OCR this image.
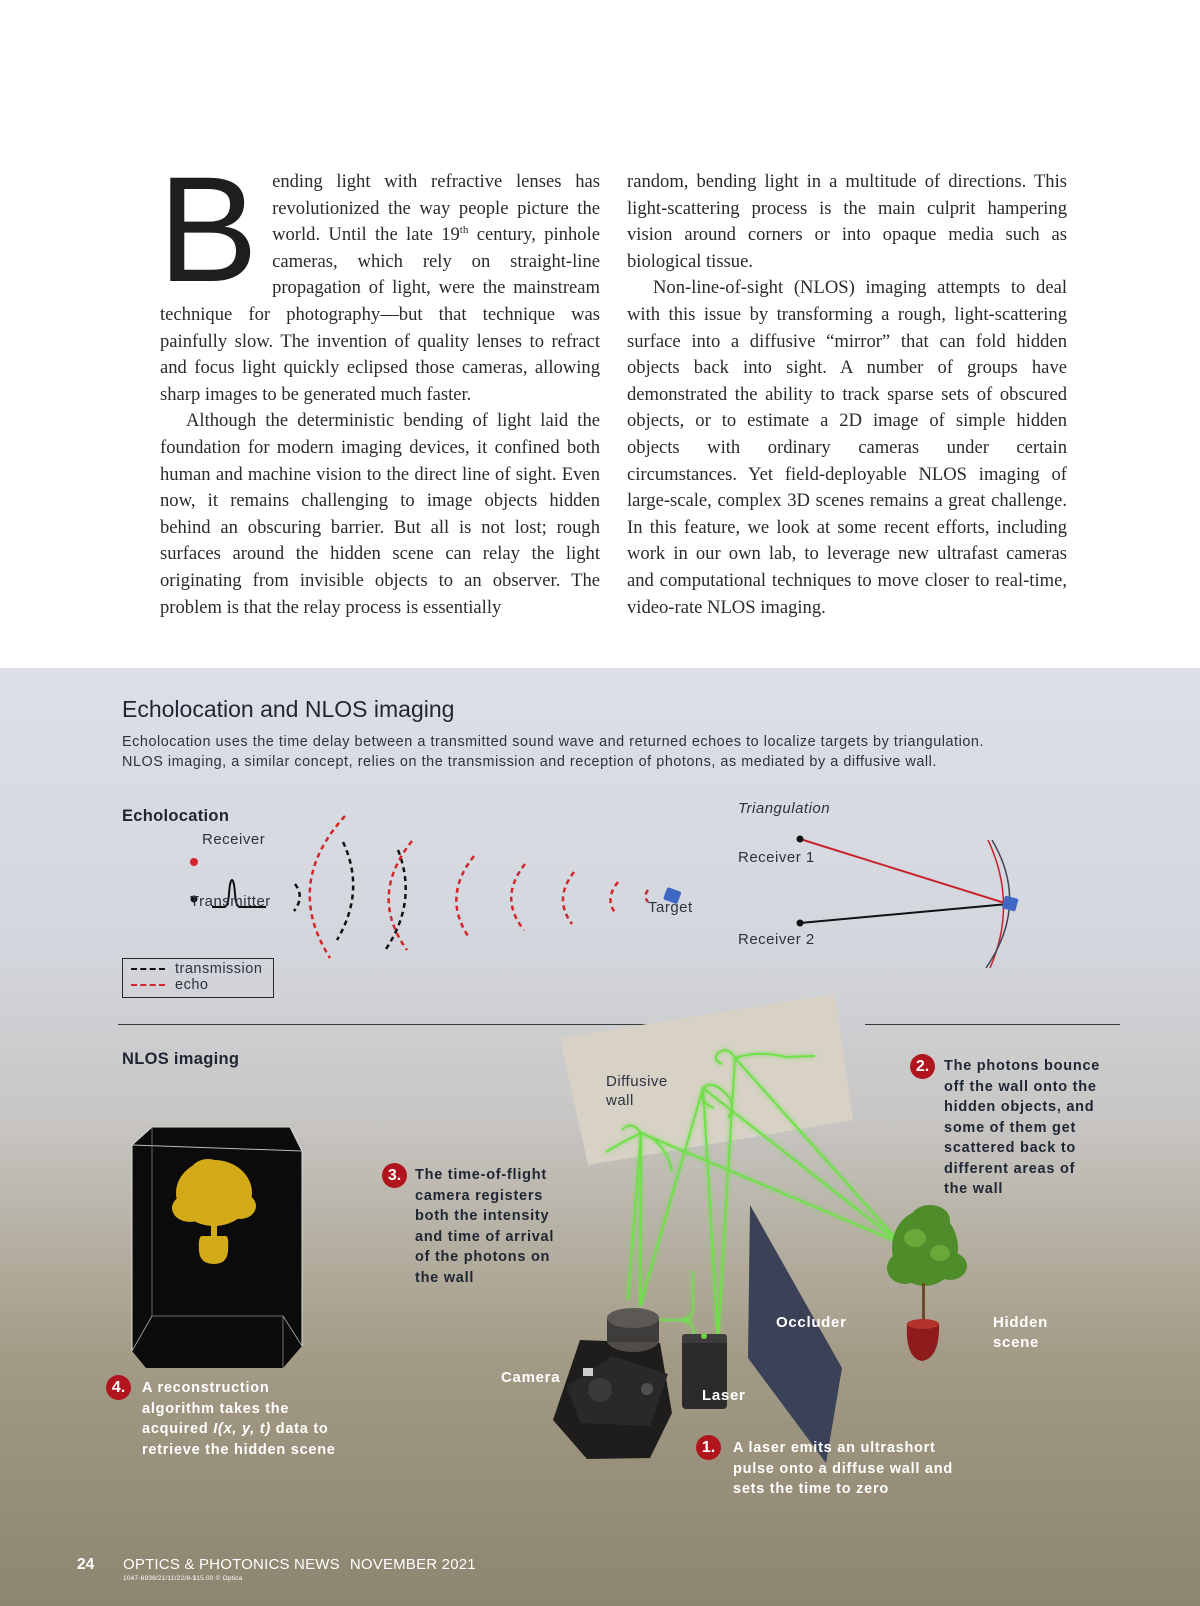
Bending light with refractive lenses has revolutionized the way people picture the world. Until the late 19th century, pinhole cameras, which rely on straight-line propagation of light, were the mainstream technique for photography—but that technique was painfully slow. The invention of quality lenses to refract and focus light quickly eclipsed those cameras, allowing sharp images to be generated much faster.

Although the deterministic bending of light laid the foundation for modern imaging devices, it confined both human and machine vision to the direct line of sight. Even now, it remains challenging to image objects hidden behind an obscuring barrier. But all is not lost; rough surfaces around the hidden scene can relay the light originating from invisible objects to an observer. The problem is that the relay process is essentially

random, bending light in a multitude of directions. This light-scattering process is the main culprit hampering vision around corners or into opaque media such as biological tissue.

Non-line-of-sight (NLOS) imaging attempts to deal with this issue by transforming a rough, light-scattering surface into a diffusive “mirror” that can fold hidden objects back into sight. A number of groups have demonstrated the ability to track sparse sets of obscured objects, or to estimate a 2D image of simple hidden objects with ordinary cameras under certain circumstances. Yet field-deployable NLOS imaging of large-scale, complex 3D scenes remains a great challenge. In this feature, we look at some recent efforts, including work in our own lab, to leverage new ultrafast cameras and computational techniques to move closer to real-time, video-rate NLOS imaging.

Echolocation and NLOS imaging
Echolocation uses the time delay between a transmitted sound wave and returned echoes to localize targets by triangulation.
NLOS imaging, a similar concept, relies on the transmission and reception of photons, as mediated by a diffusive wall.
Echolocation
Receiver
Transmitter	Target
Triangulation
Receiver 1
Receiver 2
transmission
echo
NLOS imaging
Diffusive
wall
Occluder	Hidden
scene
Camera
Laser
2.	The photons bounce
off the wall onto the
hidden objects, and
some of them get
scattered back to
different areas of
the wall
3. The time-of-flight
camera registers
both the intensity
and time of arrival
of the photons on
the wall
4.	A reconstruction
algorithm takes the
acquired I(x, y, t) data to
retrieve the hidden scene	1.	A laser emits an ultrashort
pulse onto a diffuse wall and
sets the time to zero
24 OPTICS & PHOTONICS NEWS NOVEMBER 2021
1047-6938/21/11/22/8-$15.00 © Optica
